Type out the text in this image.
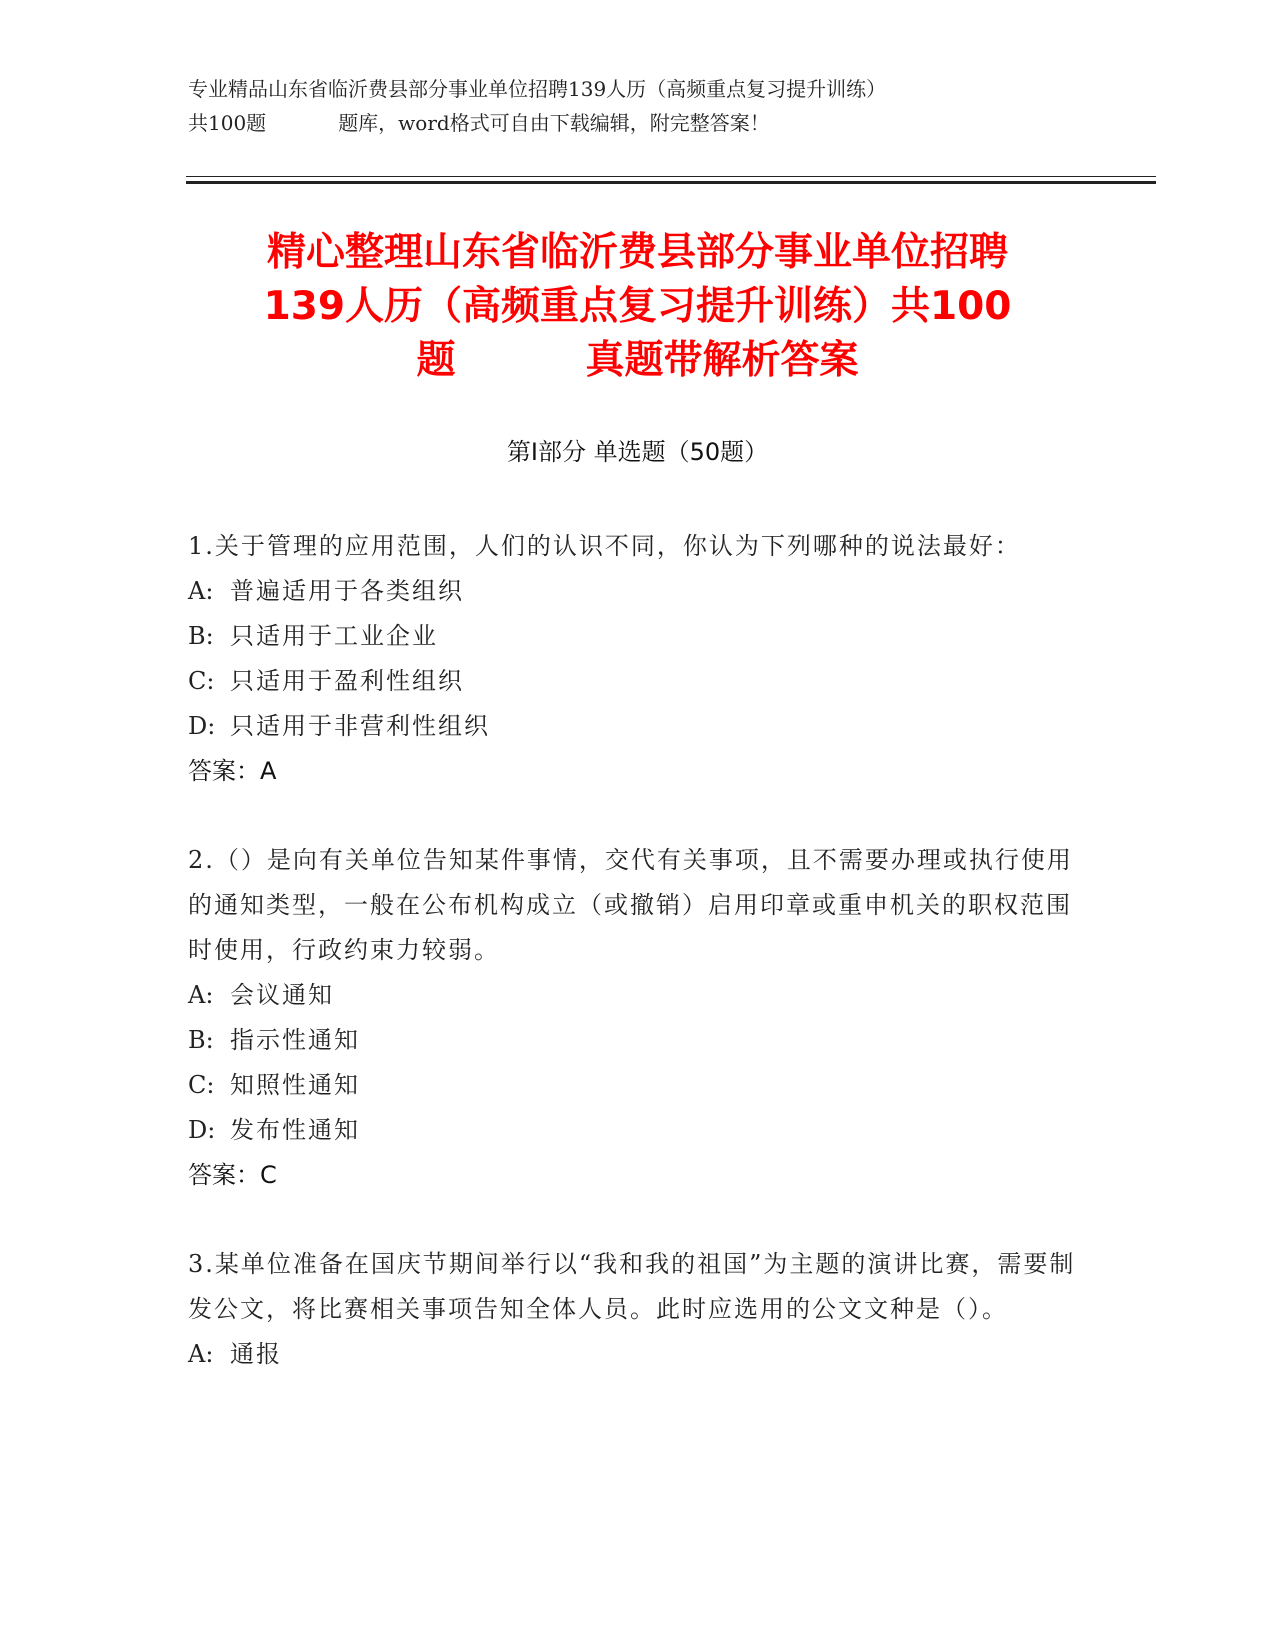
专业精品山东省临沂费县部分事业单位招聘139人历（高频重点复习提升训练）
共100题	题库，word格式可自由下载编辑，附完整答案！
精心整理山东省临沂费县部分事业单位招聘
139人历（高频重点复习提升训练）共100
题	真题带解析答案
第Ⅰ部分 单选题（50题）
1.关于管理的应用范围，人们的认识不同，你认为下列哪种的说法最好：
A: 普遍适用于各类组织
B: 只适用于工业企业
C: 只适用于盈利性组织
D: 只适用于非营利性组织
答案：A
2.（）是向有关单位告知某件事情，交代有关事项，且不需要办理或执行使用的通知类型，一般在公布机构成立（或撤销）启用印章或重申机关的职权范围时使用，行政约束力较弱。
A: 会议通知
B: 指示性通知
C: 知照性通知
D: 发布性通知
答案：C
3.某单位准备在国庆节期间举行以“我和我的祖国”为主题的演讲比赛，需要制发公文，将比赛相关事项告知全体人员。此时应选用的公文文种是（）。
A: 通报
